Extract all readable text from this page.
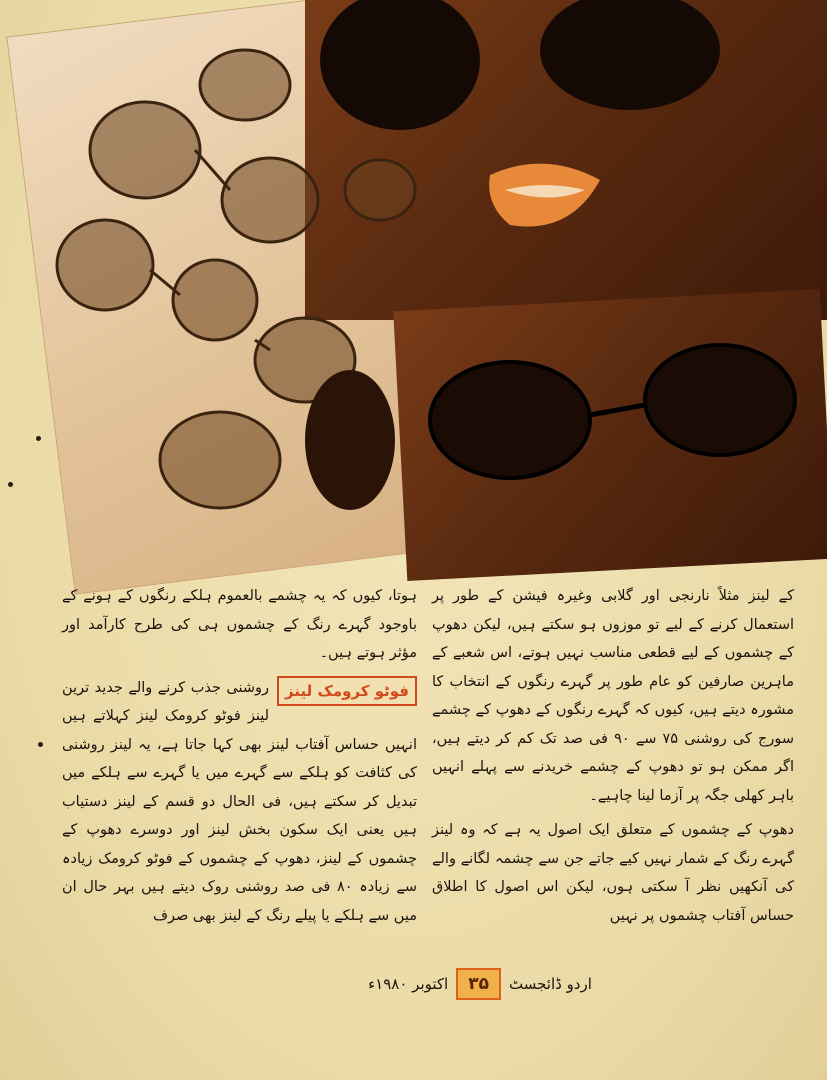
کے لینز مثلاً نارنجی اور گلابی وغیرہ فیشن کے طور پر استعمال کرنے کے لیے تو موزوں ہو سکتے ہیں، لیکن دھوپ کے چشموں کے لیے قطعی مناسب نہیں ہوتے، اس شعبے کے ماہرین صارفین کو عام طور پر گہرے رنگوں کے انتخاب کا مشورہ دیتے ہیں، کیوں کہ گہرے رنگوں کے دھوپ کے چشمے سورج کی روشنی ۷۵ سے ۹۰ فی صد تک کم کر دیتے ہیں، اگر ممکن ہو تو دھوپ کے چشمے خریدنے سے پہلے انہیں باہر کھلی جگہ پر آزما لینا چاہیے۔

دھوپ کے چشموں کے متعلق ایک اصول یہ ہے کہ وہ لینز گہرے رنگ کے شمار نہیں کیے جاتے جن سے چشمہ لگانے والے کی آنکھیں نظر آ سکتی ہوں، لیکن اس اصول کا اطلاق حساس آفتاب چشموں پر نہیں

ہوتا، کیوں کہ یہ چشمے بالعموم ہلکے رنگوں کے ہونے کے باوجود گہرے رنگ کے چشموں ہی کی طرح کارآمد اور مؤثر ہوتے ہیں۔

فوٹو کرومک لینز
روشنی جذب کرنے والے جدید ترین لینز فوٹو کرومک لینز کہلاتے ہیں انہیں حساس آفتاب لینز بھی کہا جاتا ہے، یہ لینز روشنی کی کثافت کو ہلکے سے گہرے میں یا گہرے سے ہلکے میں تبدیل کر سکتے ہیں، فی الحال دو قسم کے لینز دستیاب ہیں یعنی ایک سکون بخش لینز اور دوسرے دھوپ کے چشموں کے لینز، دھوپ کے چشموں کے فوٹو کرومک زیادہ سے زیادہ ۸۰ فی صد روشنی روک دیتے ہیں بہر حال ان میں سے ہلکے یا پیلے رنگ کے لینز بھی صرف

اردو ڈائجسٹ
۳۵
اکتوبر ۱۹۸۰ء
